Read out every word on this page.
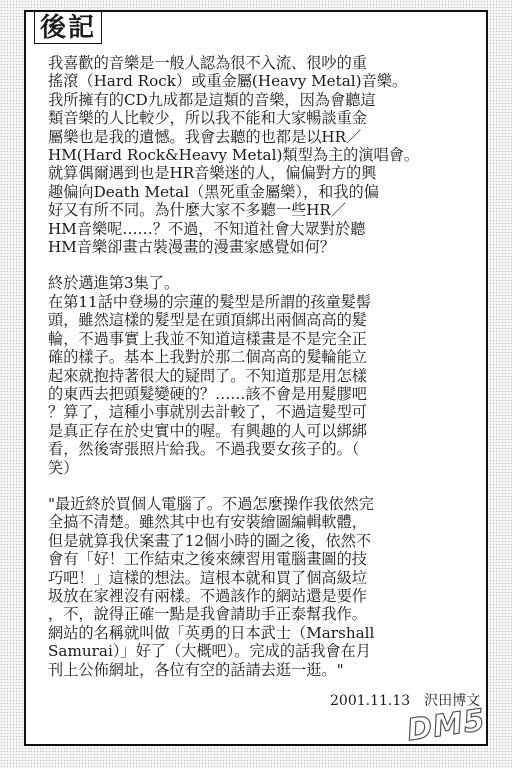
後記
我喜歡的音樂是一般人認為很不入流、很吵的重
搖滾（Hard Rock）或重金屬(Heavy Metal)音樂。
我所擁有的CD九成都是這類的音樂，因為會聽這
類音樂的人比較少，所以我不能和大家暢談重金
屬樂也是我的遺憾。我會去聽的也都是以HR／
HM(Hard Rock&Heavy Metal)類型為主的演唱會。
就算偶爾遇到也是HR音樂迷的人，偏偏對方的興
趣偏向Death Metal（黑死重金屬樂），和我的偏
好又有所不同。為什麼大家不多聽一些HR／
HM音樂呢……？不過，不知道社會大眾對於聽
HM音樂卻畫古裝漫畫的漫畫家感覺如何？
終於邁進第3集了。
在第11話中登場的宗蓮的髮型是所謂的孩童髮髻
頭，雖然這樣的髮型是在頭頂綁出兩個高高的髮
輪，不過事實上我並不知道這樣畫是不是完全正
確的樣子。基本上我對於那二個高高的髮輪能立
起來就抱持著很大的疑問了。不知道那是用怎樣
的東西去把頭髮變硬的？……該不會是用髮膠吧
？算了，這種小事就別去計較了，不過這髮型可
是真正存在於史實中的喔。有興趣的人可以綁綁
看，然後寄張照片給我。不過我要女孩子的。（
笑）
"最近終於買個人電腦了。不過怎麼操作我依然完
全搞不清楚。雖然其中也有安裝繪圖編輯軟體，
但是就算我伏案畫了12個小時的圖之後，依然不
會有「好！工作結束之後來練習用電腦畫圖的技
巧吧！」這樣的想法。這根本就和買了個高級垃
圾放在家裡沒有兩樣。不過該作的網站還是要作
，不，說得正確一點是我會請助手正泰幫我作。
網站的名稱就叫做「英勇的日本武士（Marshall
Samurai）」好了（大概吧）。完成的話我會在月
刊上公佈網址，各位有空的話請去逛一逛。"
2001.11.13　沢田博文
DM5
